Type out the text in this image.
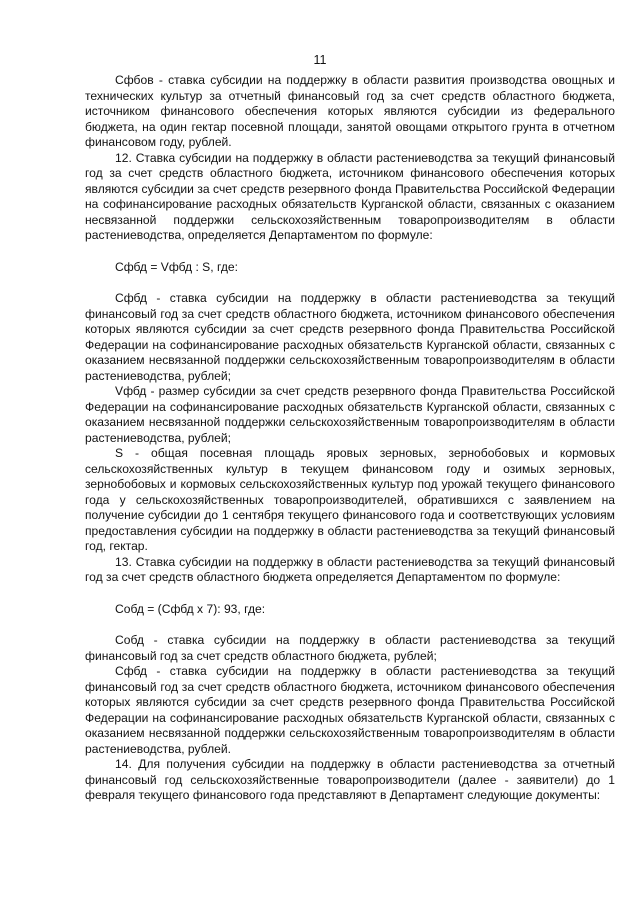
11

Сфбов - ставка субсидии на поддержку в области развития производства овощных и технических культур за отчетный финансовый год за счет средств областного бюджета, источником финансового обеспечения которых являются субсидии из федерального бюджета, на один гектар посевной площади, занятой овощами открытого грунта в отчетном финансовом году, рублей.

12. Ставка субсидии на поддержку в области растениеводства за текущий финансовый год за счет средств областного бюджета, источником финансового обеспечения которых являются субсидии за счет средств резервного фонда Правительства Российской Федерации на софинансирование расходных обязательств Курганской области, связанных с оказанием несвязанной поддержки сельскохозяйственным товаропроизводителям в области растениеводства, определяется Департаментом по формуле:

Сфбд = Vфбд : S, где:

Сфбд - ставка субсидии на поддержку в области растениеводства за текущий финансовый год за счет средств областного бюджета, источником финансового обеспечения которых являются субсидии за счет средств резервного фонда Правительства Российской Федерации на софинансирование расходных обязательств Курганской области, связанных с оказанием несвязанной поддержки сельскохозяйственным товаропроизводителям в области растениеводства, рублей;

Vфбд - размер субсидии за счет средств резервного фонда Правительства Российской Федерации на софинансирование расходных обязательств Курганской области, связанных с оказанием несвязанной поддержки сельскохозяйственным товаропроизводителям в области растениеводства, рублей;

S - общая посевная площадь яровых зерновых, зернобобовых и кормовых сельскохозяйственных культур в текущем финансовом году и озимых зерновых, зернобобовых и кормовых сельскохозяйственных культур под урожай текущего финансового года у сельскохозяйственных товаропроизводителей, обратившихся с заявлением на получение субсидии до 1 сентября текущего финансового года и соответствующих условиям предоставления субсидии на поддержку в области растениеводства за текущий финансовый год, гектар.

13. Ставка субсидии на поддержку в области растениеводства за текущий финансовый год за счет средств областного бюджета определяется Департаментом по формуле:

Собд = (Сфбд х 7): 93, где:

Собд - ставка субсидии на поддержку в области растениеводства за текущий финансовый год за счет средств областного бюджета, рублей;

Сфбд - ставка субсидии на поддержку в области растениеводства за текущий финансовый год за счет средств областного бюджета, источником финансового обеспечения которых являются субсидии за счет средств резервного фонда Правительства Российской Федерации на софинансирование расходных обязательств Курганской области, связанных с оказанием несвязанной поддержки сельскохозяйственным товаропроизводителям в области растениеводства, рублей.

14. Для получения субсидии на поддержку в области растениеводства за отчетный финансовый год сельскохозяйственные товаропроизводители (далее - заявители) до 1 февраля текущего финансового года представляют в Департамент следующие документы:
